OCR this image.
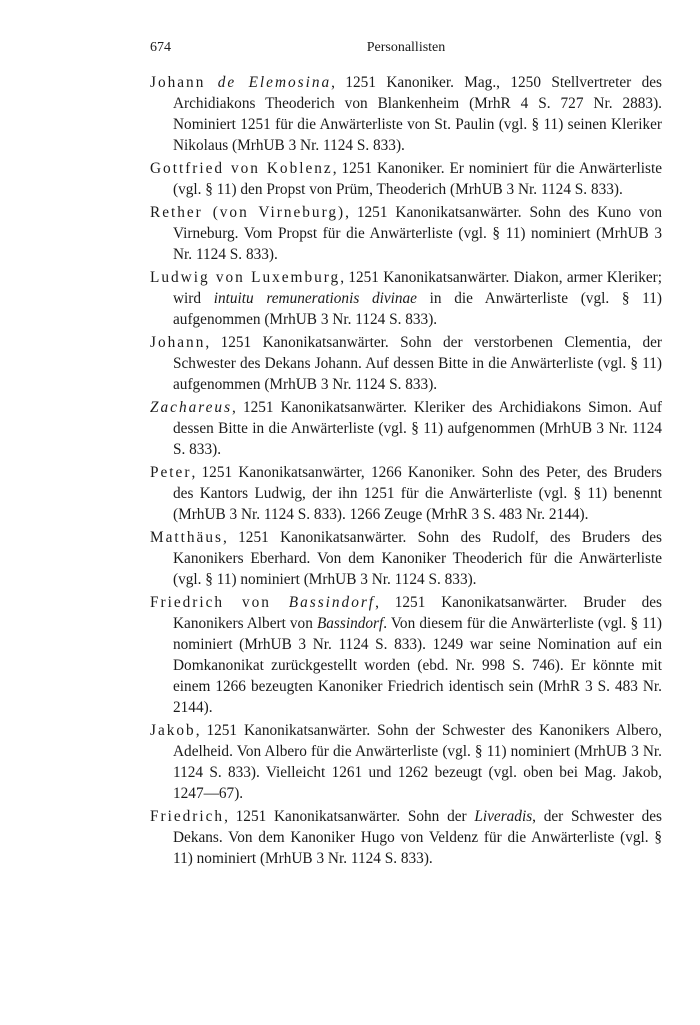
674	Personallisten

Johann de Elemosina, 1251 Kanoniker. Mag., 1250 Stellvertreter des Archidiakons Theoderich von Blankenheim (MrhR 4 S. 727 Nr. 2883). Nominiert 1251 für die Anwärterliste von St. Paulin (vgl. § 11) seinen Kleriker Nikolaus (MrhUB 3 Nr. 1124 S. 833).

Gottfried von Koblenz, 1251 Kanoniker. Er nominiert für die Anwärterliste (vgl. § 11) den Propst von Prüm, Theoderich (MrhUB 3 Nr. 1124 S. 833).

Rether (von Virneburg), 1251 Kanonikatsanwärter. Sohn des Kuno von Virneburg. Vom Propst für die Anwärterliste (vgl. § 11) nominiert (MrhUB 3 Nr. 1124 S. 833).

Ludwig von Luxemburg, 1251 Kanonikatsanwärter. Diakon, armer Kleriker; wird intuitu remunerationis divinae in die Anwärterliste (vgl. § 11) aufgenommen (MrhUB 3 Nr. 1124 S. 833).

Johann, 1251 Kanonikatsanwärter. Sohn der verstorbenen Clementia, der Schwester des Dekans Johann. Auf dessen Bitte in die Anwärterliste (vgl. § 11) aufgenommen (MrhUB 3 Nr. 1124 S. 833).

Zachareus, 1251 Kanonikatsanwärter. Kleriker des Archidiakons Simon. Auf dessen Bitte in die Anwärterliste (vgl. § 11) aufgenommen (MrhUB 3 Nr. 1124 S. 833).

Peter, 1251 Kanonikatsanwärter, 1266 Kanoniker. Sohn des Peter, des Bruders des Kantors Ludwig, der ihn 1251 für die Anwärterliste (vgl. § 11) benennt (MrhUB 3 Nr. 1124 S. 833). 1266 Zeuge (MrhR 3 S. 483 Nr. 2144).

Matthäus, 1251 Kanonikatsanwärter. Sohn des Rudolf, des Bruders des Kanonikers Eberhard. Von dem Kanoniker Theoderich für die Anwärterliste (vgl. § 11) nominiert (MrhUB 3 Nr. 1124 S. 833).

Friedrich von Bassindorf, 1251 Kanonikatsanwärter. Bruder des Kanonikers Albert von Bassindorf. Von diesem für die Anwärterliste (vgl. § 11) nominiert (MrhUB 3 Nr. 1124 S. 833). 1249 war seine Nomination auf ein Domkanonikat zurückgestellt worden (ebd. Nr. 998 S. 746). Er könnte mit einem 1266 bezeugten Kanoniker Friedrich identisch sein (MrhR 3 S. 483 Nr. 2144).

Jakob, 1251 Kanonikatsanwärter. Sohn der Schwester des Kanonikers Albero, Adelheid. Von Albero für die Anwärterliste (vgl. § 11) nominiert (MrhUB 3 Nr. 1124 S. 833). Vielleicht 1261 und 1262 bezeugt (vgl. oben bei Mag. Jakob, 1247—67).

Friedrich, 1251 Kanonikatsanwärter. Sohn der Liveradis, der Schwester des Dekans. Von dem Kanoniker Hugo von Veldenz für die Anwärterliste (vgl. § 11) nominiert (MrhUB 3 Nr. 1124 S. 833).
